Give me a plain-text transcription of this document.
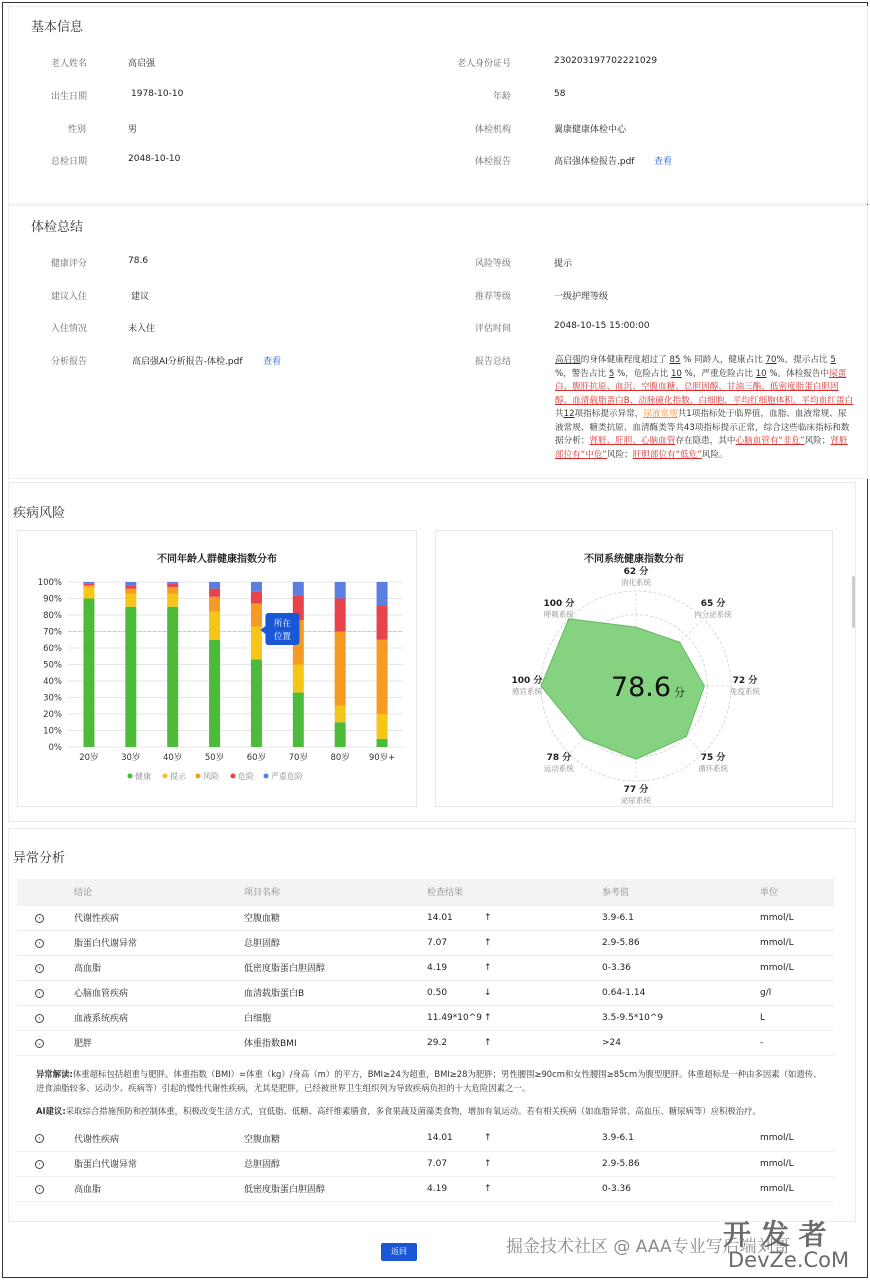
基本信息
老人姓名	高启强	老人身份证号	230203197702221029
出生日期	1978-10-10	年龄	58
性别	男	体检机构	翼康健康体检中心
总检日期	2048-10-10	体检报告	高启强体检报告.pdf 查看
体检总结
健康评分	78.6	风险等级	提示
建议入住	建议	推荐等级	一级护理等级
入住情况	未入住	评估时间	2048-10-15 15:00:00
分析报告	高启强AI分析报告-体检.pdf 查看	报告总结	高启强的身体健康程度超过了 85 % 同龄人，健康占比 70%，提示占比 5 %，警告占比 5 %，危险占比 10 %，严重危险占比 10 %。体检报告中尿蛋白、腹肝抗原、血沉、空腹血糖、总胆固醇、甘油三酯、低密度脂蛋白胆固醇、血清载脂蛋白B、动脉硬化指数、白细胞、平均红细胞体积、平均血红蛋白共12项指标提示异常，尿液常规共1项指标处于临界值，血脂、血液常规、尿液常规、糖类抗原、血清酶类等共43项指标提示正常，综合这些临床指标和数据分析：肾脏、肝胆、心脑血管存在隐患，其中心脑血管有“非危”风险；肾脏部位有“中危”风险；肝胆部位有“低危”风险。
疾病风险
不同年龄人群健康指数分布
0%
10%
20%
30%
40%
50%
60%
70%
80%
90%
100%
20岁	30岁	40岁	50岁	60岁	70岁	80岁 90岁+
所在
位置
健康 提示 风险 危险 严重危险
不同系统健康指数分布
62 分
消化系统
65 分
内分泌系统
72 分
免疫系统
75 分
循环系统
77 分
泌尿系统
78 分
运动系统
100 分
感官系统
100 分
呼吸系统
78.6 分
异常分析
	结论	项目名称	检查结果	参考值	单位
›	代谢性疾病	空腹血糖	14.01 ↑	3.9-6.1	mmol/L
›	脂蛋白代谢异常	总胆固醇	7.07 ↑	2.9-5.86	mmol/L
›	高血脂	低密度脂蛋白胆固醇	4.19 ↑	0-3.36	mmol/L
›	心脑血管疾病	血清载脂蛋白B	0.50 ↓	0.64-1.14	g/l
›	血液系统疾病	白细胞	11.49*10^9 ↑	3.5-9.5*10^9	L
⌄	肥胖	体重指数BMI	29.2 ↑	>24	-
异常解读:体重超标包括超重与肥胖。体重指数（BMI）=体重（kg）/身高（m）的平方，BMI≥24为超重，BMI≥28为肥胖；男性腰围≥90cm和女性腰围≥85cm为腹型肥胖。体重超标是一种由多因素（如遗传、进食油脂较多、运动少、疾病等）引起的慢性代谢性疾病，尤其是肥胖，已经被世界卫生组织列为导致疾病负担的十大危险因素之一。
AI建议:采取综合措施预防和控制体重，积极改变生活方式，宜低脂、低糖、高纤维素膳食，多食果蔬及菌藻类食物，增加有氧运动。若有相关疾病（如血脂异常、高血压、糖尿病等）应积极治疗。
›	代谢性疾病	空腹血糖	14.01 ↑	3.9-6.1	mmol/L
›	脂蛋白代谢异常	总胆固醇	7.07 ↑	2.9-5.86	mmol/L
›	高血脂	低密度脂蛋白胆固醇	4.19 ↑	0-3.36	mmol/L
返回	掘金技术社区 @ AAA专业写后端刘哥
开 发 者
DevZe.CoM
